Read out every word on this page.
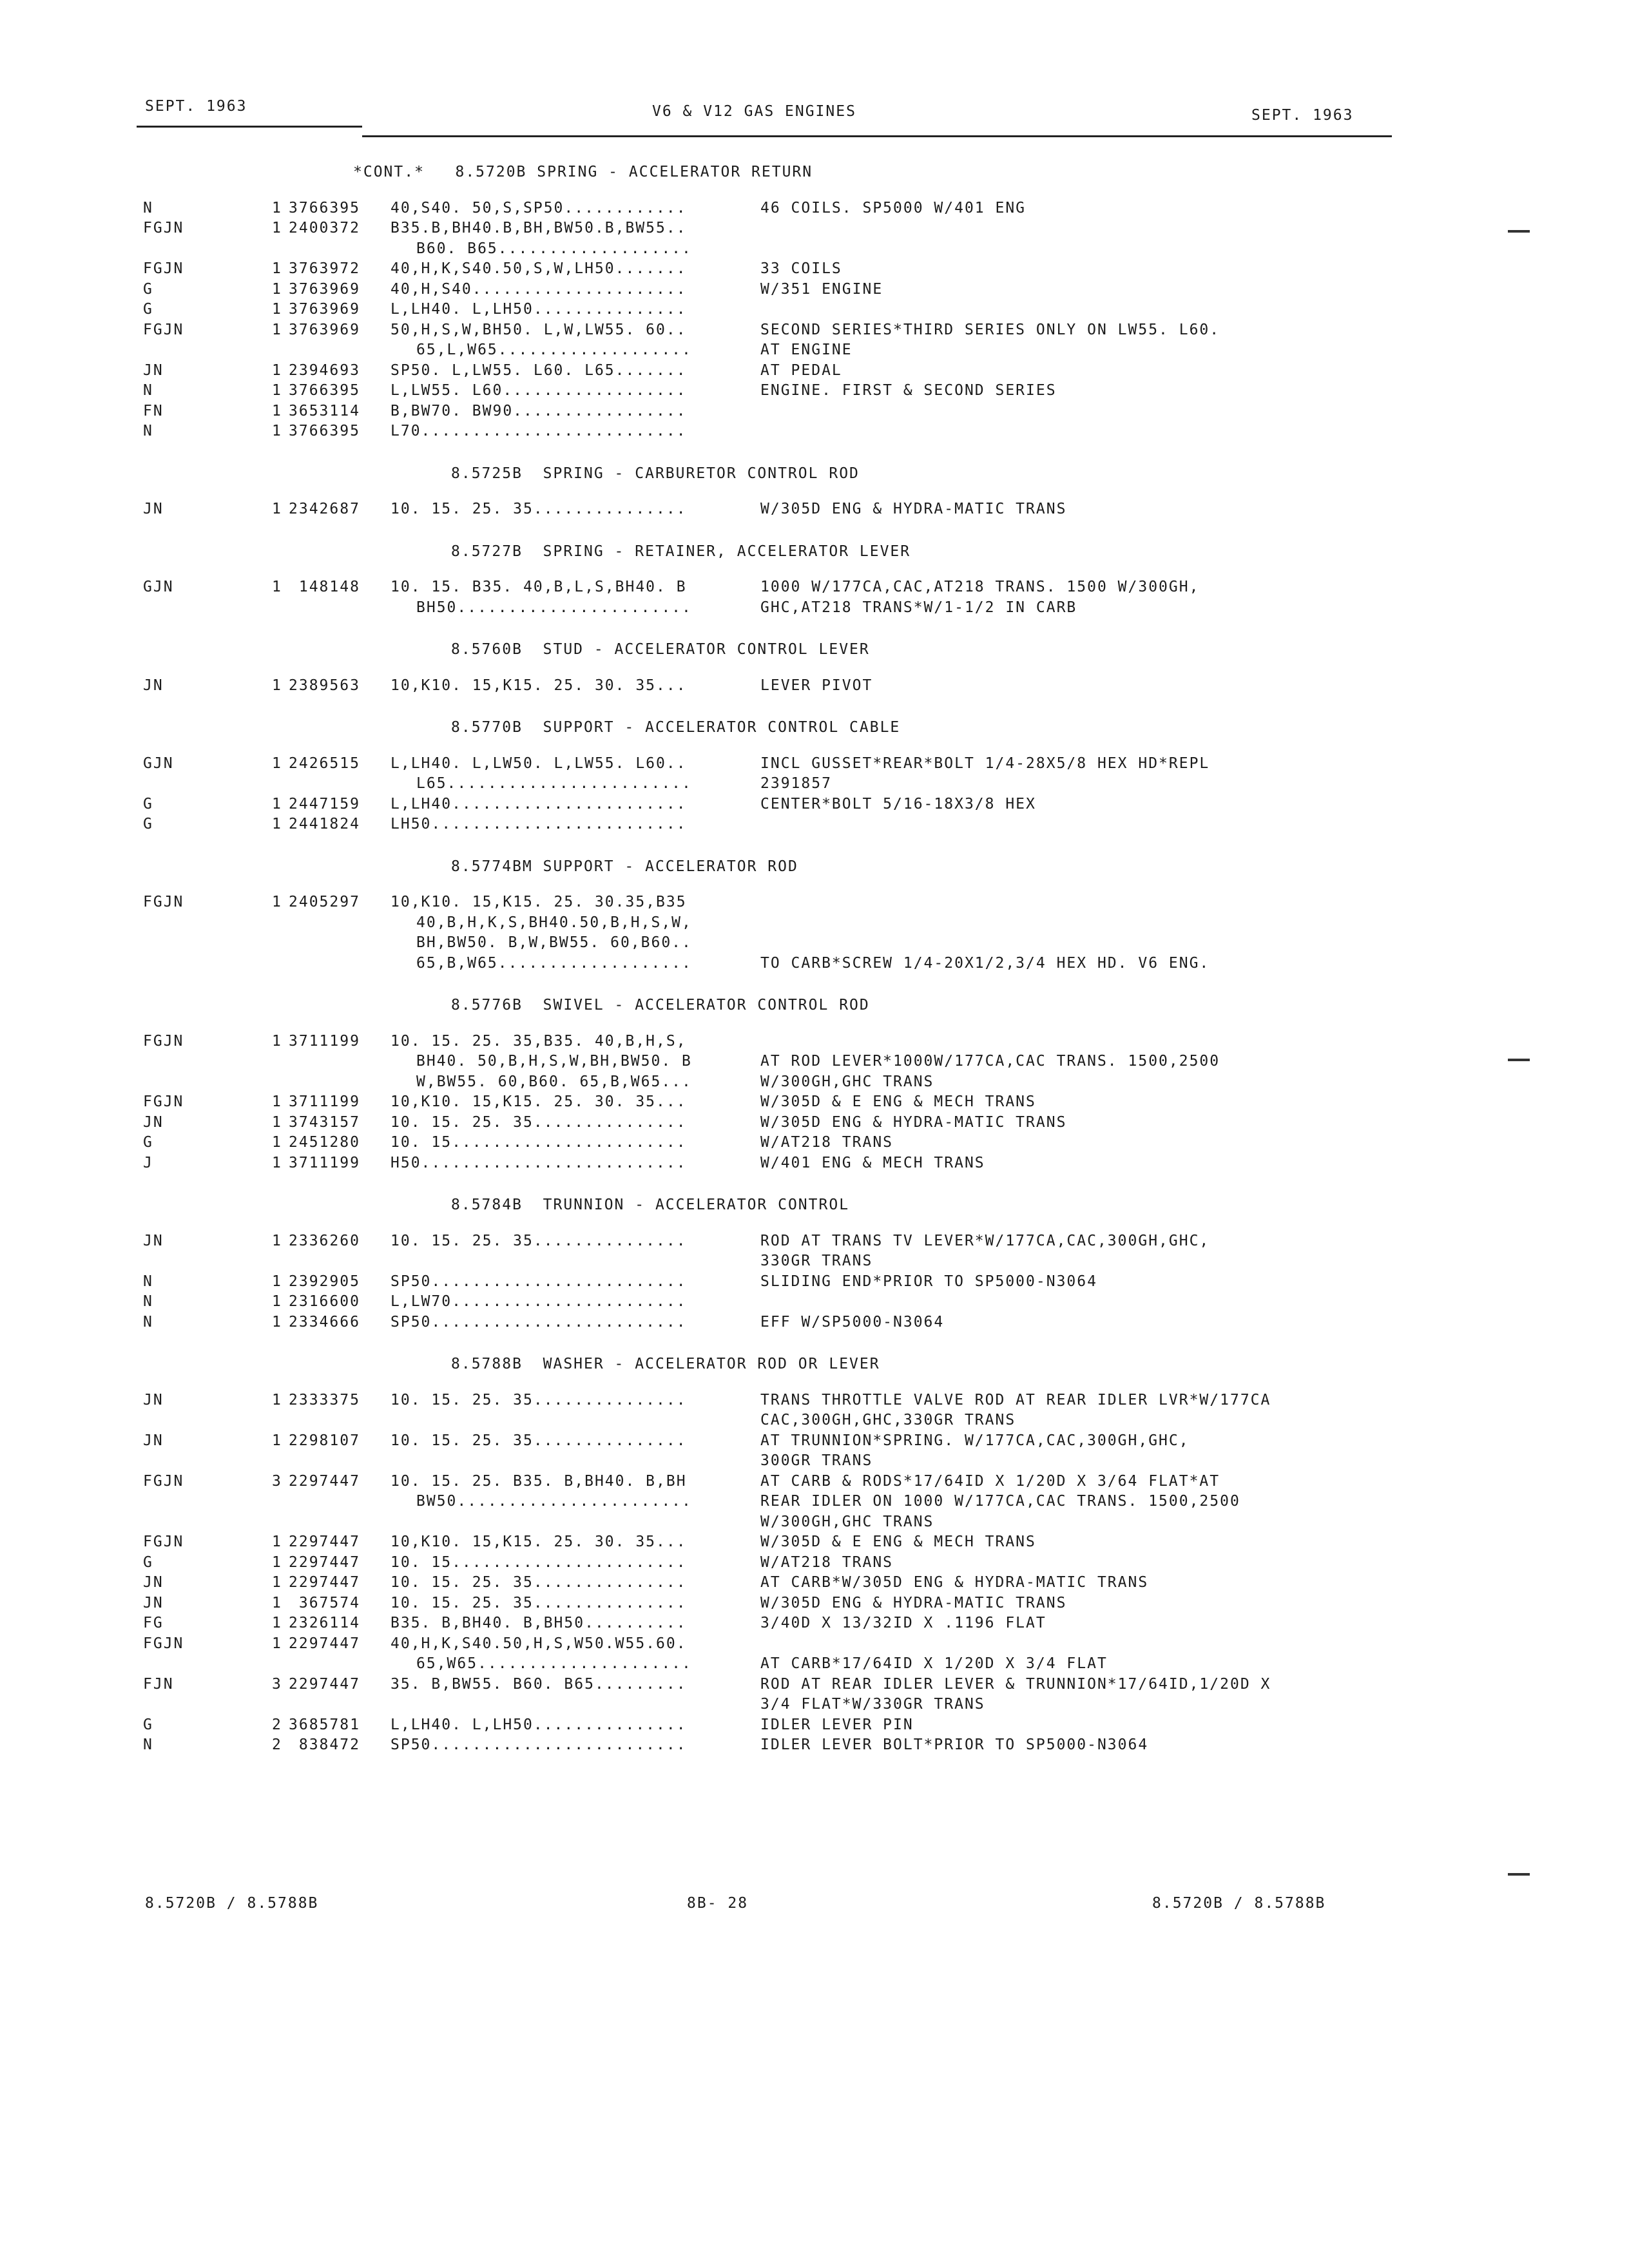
SEPT. 1963	V6 & V12 GAS ENGINES	SEPT. 1963
*CONT.*   8.5720B SPRING - ACCELERATOR RETURN
N	1 3766395 40,S40. 50,S,SP50............	46 COILS. SP5000 W/401 ENG
FGJN	1 2400372 B35.B,BH40.B,BH,BW50.B,BW55..
B60. B65...................
FGJN	1 3763972 40,H,K,S40.50,S,W,LH50.......	33 COILS
G	1 3763969 40,H,S40.....................	W/351 ENGINE
G	1 3763969 L,LH40. L,LH50...............
FGJN	1 3763969 50,H,S,W,BH50. L,W,LW55. 60..	SECOND SERIES*THIRD SERIES ONLY ON LW55. L60.
65,L,W65...................	AT ENGINE
JN	1 2394693 SP50. L,LW55. L60. L65.......	AT PEDAL
N	1 3766395 L,LW55. L60..................	ENGINE. FIRST & SECOND SERIES
FN	1 3653114 B,BW70. BW90.................
N	1 3766395 L70..........................
8.5725B  SPRING - CARBURETOR CONTROL ROD
JN	1 2342687 10. 15. 25. 35...............	W/305D ENG & HYDRA-MATIC TRANS
8.5727B  SPRING - RETAINER, ACCELERATOR LEVER
GJN	1 148148 10. 15. B35. 40,B,L,S,BH40. B	1000 W/177CA,CAC,AT218 TRANS. 1500 W/300GH,
BH50.......................	GHC,AT218 TRANS*W/1-1/2 IN CARB
8.5760B  STUD - ACCELERATOR CONTROL LEVER
JN	1 2389563 10,K10. 15,K15. 25. 30. 35...	LEVER PIVOT
8.5770B  SUPPORT - ACCELERATOR CONTROL CABLE
GJN	1 2426515 L,LH40. L,LW50. L,LW55. L60..	INCL GUSSET*REAR*BOLT 1/4-28X5/8 HEX HD*REPL
L65........................	2391857
G	1 2447159 L,LH40.......................	CENTER*BOLT 5/16-18X3/8 HEX
G	1 2441824 LH50.........................
8.5774BM SUPPORT - ACCELERATOR ROD
FGJN	1 2405297 10,K10. 15,K15. 25. 30.35,B35
40,B,H,K,S,BH40.50,B,H,S,W,
BH,BW50. B,W,BW55. 60,B60..
65,B,W65...................	TO CARB*SCREW 1/4-20X1/2,3/4 HEX HD. V6 ENG.
8.5776B  SWIVEL - ACCELERATOR CONTROL ROD
FGJN	1 3711199 10. 15. 25. 35,B35. 40,B,H,S,
BH40. 50,B,H,S,W,BH,BW50. B	AT ROD LEVER*1000W/177CA,CAC TRANS. 1500,2500
W,BW55. 60,B60. 65,B,W65...	W/300GH,GHC TRANS
FGJN	1 3711199 10,K10. 15,K15. 25. 30. 35...	W/305D & E ENG & MECH TRANS
JN	1 3743157 10. 15. 25. 35...............	W/305D ENG & HYDRA-MATIC TRANS
G	1 2451280 10. 15.......................	W/AT218 TRANS
J	1 3711199 H50..........................	W/401 ENG & MECH TRANS
8.5784B  TRUNNION - ACCELERATOR CONTROL
JN	1 2336260 10. 15. 25. 35...............	ROD AT TRANS TV LEVER*W/177CA,CAC,300GH,GHC,
330GR TRANS
N	1 2392905 SP50.........................	SLIDING END*PRIOR TO SP5000-N3064
N	1 2316600 L,LW70.......................
N	1 2334666 SP50.........................	EFF W/SP5000-N3064
8.5788B  WASHER - ACCELERATOR ROD OR LEVER
JN	1 2333375 10. 15. 25. 35...............	TRANS THROTTLE VALVE ROD AT REAR IDLER LVR*W/177CA
CAC,300GH,GHC,330GR TRANS
JN	1 2298107 10. 15. 25. 35...............	AT TRUNNION*SPRING. W/177CA,CAC,300GH,GHC,
300GR TRANS
FGJN	3 2297447 10. 15. 25. B35. B,BH40. B,BH	AT CARB & RODS*17/64ID X 1/20D X 3/64 FLAT*AT
BW50.......................	REAR IDLER ON 1000 W/177CA,CAC TRANS. 1500,2500
W/300GH,GHC TRANS
FGJN	1 2297447 10,K10. 15,K15. 25. 30. 35...	W/305D & E ENG & MECH TRANS
G	1 2297447 10. 15.......................	W/AT218 TRANS
JN	1 2297447 10. 15. 25. 35...............	AT CARB*W/305D ENG & HYDRA-MATIC TRANS
JN	1 367574 10. 15. 25. 35...............	W/305D ENG & HYDRA-MATIC TRANS
FG	1 2326114 B35. B,BH40. B,BH50..........	3/40D X 13/32ID X .1196 FLAT
FGJN	1 2297447 40,H,K,S40.50,H,S,W50.W55.60.
65,W65.....................	AT CARB*17/64ID X 1/20D X 3/4 FLAT
FJN	3 2297447 35. B,BW55. B60. B65.........	ROD AT REAR IDLER LEVER & TRUNNION*17/64ID,1/20D X
3/4 FLAT*W/330GR TRANS
G	2 3685781 L,LH40. L,LH50...............	IDLER LEVER PIN
N	2 838472 SP50.........................	IDLER LEVER BOLT*PRIOR TO SP5000-N3064
8.5720B / 8.5788B	8B- 28	8.5720B / 8.5788B
